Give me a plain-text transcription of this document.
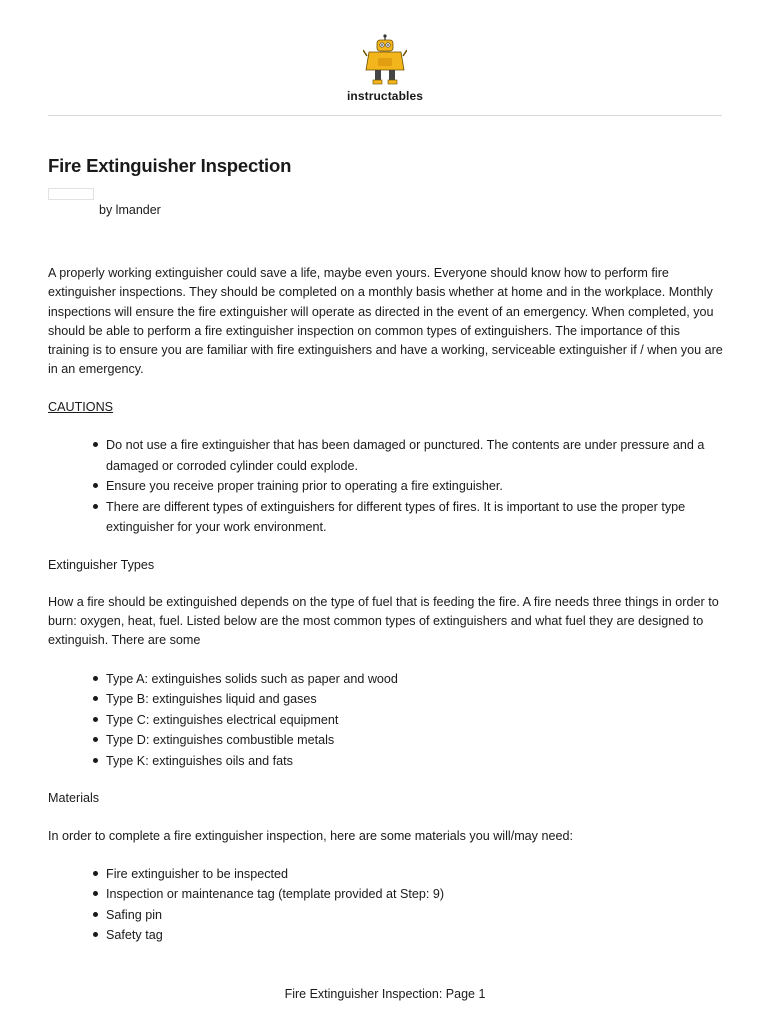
instructables
Fire Extinguisher Inspection
by lmander

A properly working extinguisher could save a life, maybe even yours. Everyone should know how to perform fire extinguisher inspections. They should be completed on a monthly basis whether at home and in the workplace. Monthly inspections will ensure the fire extinguisher will operate as directed in the event of an emergency. When completed, you should be able to perform a fire extinguisher inspection on common types of extinguishers. The importance of this training is to ensure you are familiar with fire extinguishers and have a working, serviceable extinguisher if / when you are in an emergency.

CAUTIONS

Do not use a fire extinguisher that has been damaged or punctured. The contents are under pressure and a damaged or corroded cylinder could explode.
Ensure you receive proper training prior to operating a fire extinguisher.
There are different types of extinguishers for different types of fires. It is important to use the proper type extinguisher for your work environment.

Extinguisher Types

How a fire should be extinguished depends on the type of fuel that is feeding the fire. A fire needs three things in order to burn: oxygen, heat, fuel. Listed below are the most common types of extinguishers and what fuel they are designed to extinguish. There are some

Type A: extinguishes solids such as paper and wood
Type B: extinguishes liquid and gases
Type C: extinguishes electrical equipment
Type D: extinguishes combustible metals
Type K: extinguishes oils and fats

Materials

In order to complete a fire extinguisher inspection, here are some materials you will/may need:

Fire extinguisher to be inspected
Inspection or maintenance tag (template provided at Step: 9)
Safing pin
Safety tag
Fire Extinguisher Inspection: Page 1
